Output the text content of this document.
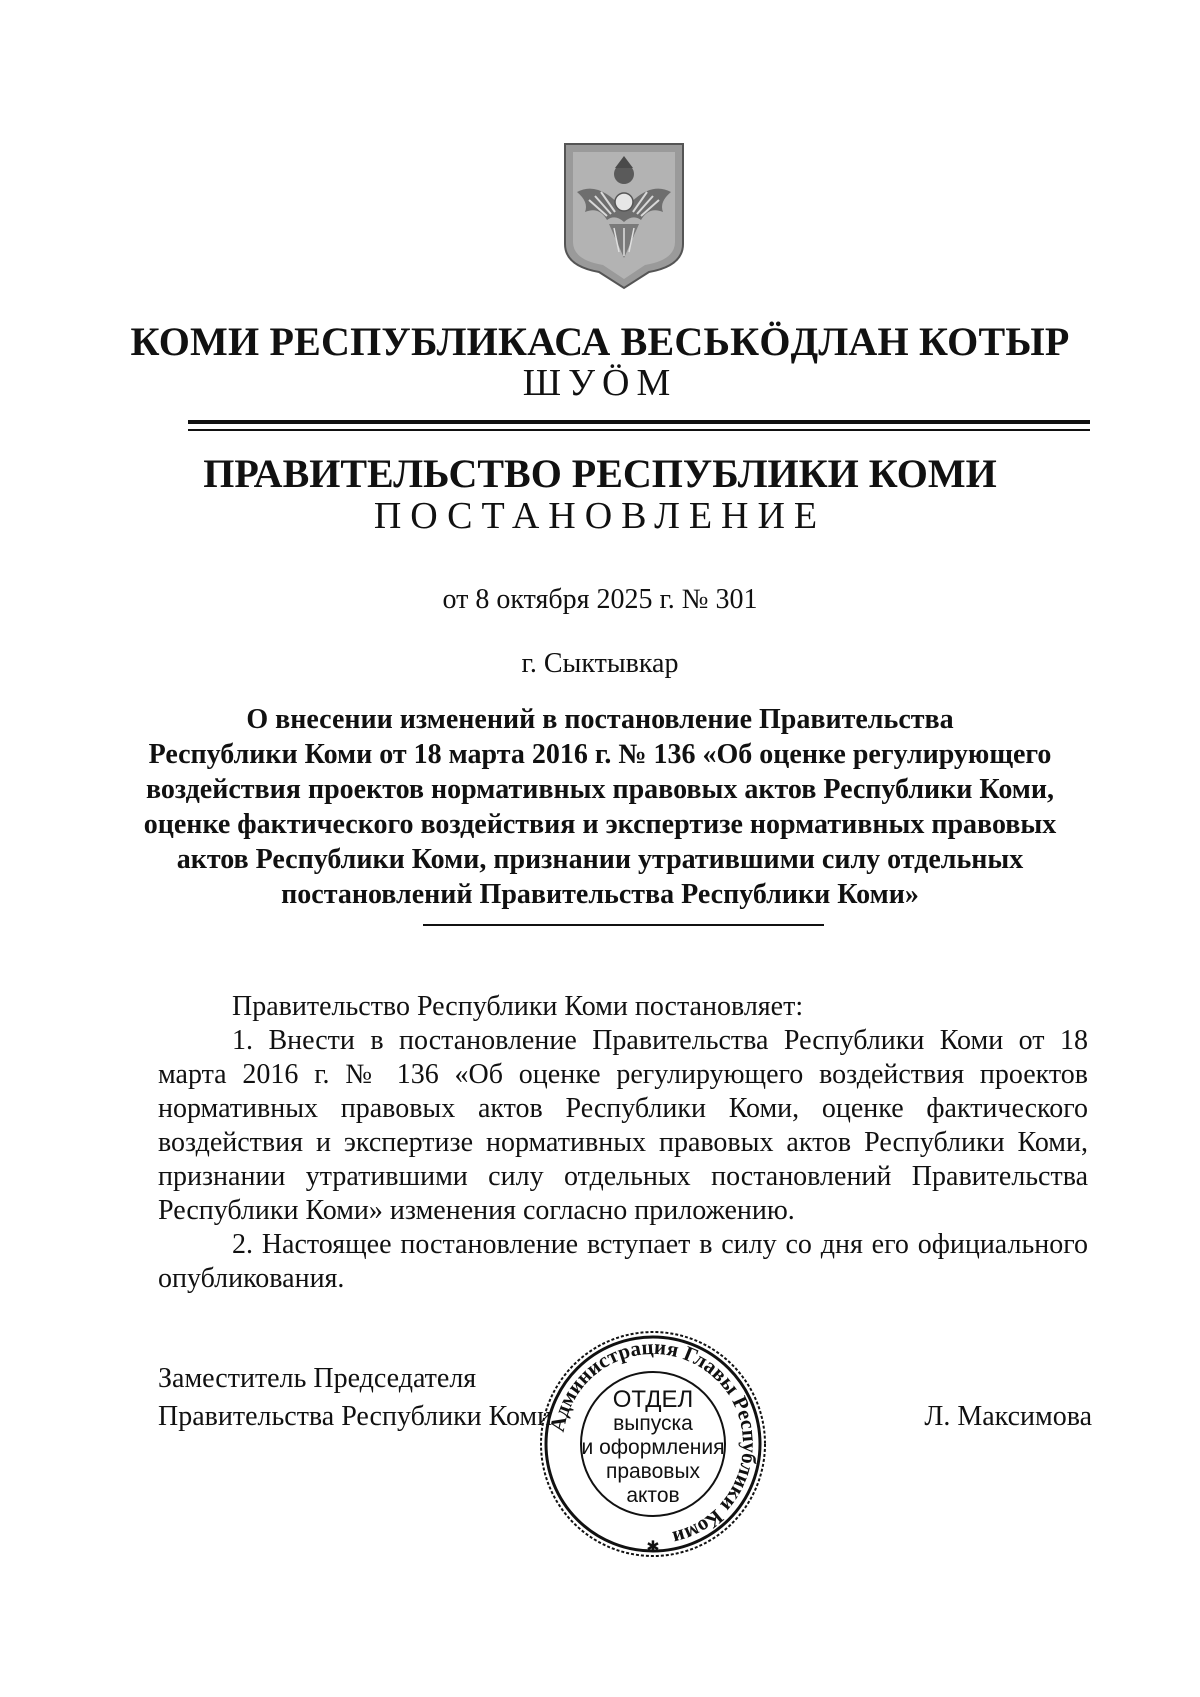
КОМИ РЕСПУБЛИКАСА ВЕСЬКӦДЛАН КОТЫР
ШУӦМ
ПРАВИТЕЛЬСТВО РЕСПУБЛИКИ КОМИ
ПОСТАНОВЛЕНИЕ
от 8 октября 2025 г. № 301
г. Сыктывкар
О внесении изменений в постановление Правительства
Республики Коми от 18 марта 2016 г. № 136 «Об оценке регулирующего
воздействия проектов нормативных правовых актов Республики Коми,
оценке фактического воздействия и экспертизе нормативных правовых
актов Республики Коми, признании утратившими силу отдельных
постановлений Правительства Республики Коми»

Правительство Республики Коми постановляет:

1. Внести в постановление Правительства Республики Коми от 18 марта 2016 г. № 136 «Об оценке регулирующего воздействия проектов нормативных правовых актов Республики Коми, оценке фактического воздействия и экспертизе нормативных правовых актов Республики Коми, признании утратившими силу отдельных постановлений Правительства Республики Коми» изменения согласно приложению.

2. Настоящее постановление вступает в силу со дня его официального опубликования.

Заместитель Председателя
Правительства Республики Коми	Л. Максимова
Администрация Главы Республики Коми
✱
ОТДЕЛ
выпуска
и оформления
правовых
актов
